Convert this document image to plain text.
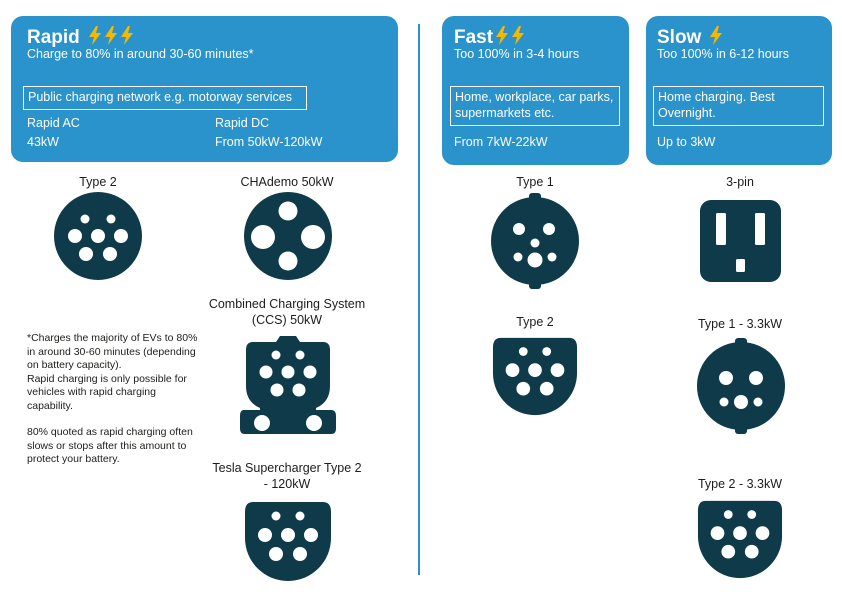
Rapid
Charge to 80% in around 30-60 minutes*
Public charging network e.g. motorway services
Rapid AC
43kW
Rapid DC
From 50kW-120kW
Fast
Too 100% in 3-4 hours
Home, workplace, car parks, supermarkets etc.
From 7kW-22kW
Slow
Too 100% in 6-12 hours
Home charging. Best Overnight.
Up to 3kW
Type 2	CHAdemo 50kW
Combined Charging System (CCS) 50kW
Tesla Supercharger Type 2 - 120kW
Type 1
Type 2
3-pin
Type 1 - 3.3kW
Type 2 - 3.3kW

*Charges the majority of EVs to 80% in around 30-60 minutes (depending on battery capacity).

Rapid charging is only possible for vehicles with rapid charging capability.

80% quoted as rapid charging often slows or stops after this amount to protect your battery.
